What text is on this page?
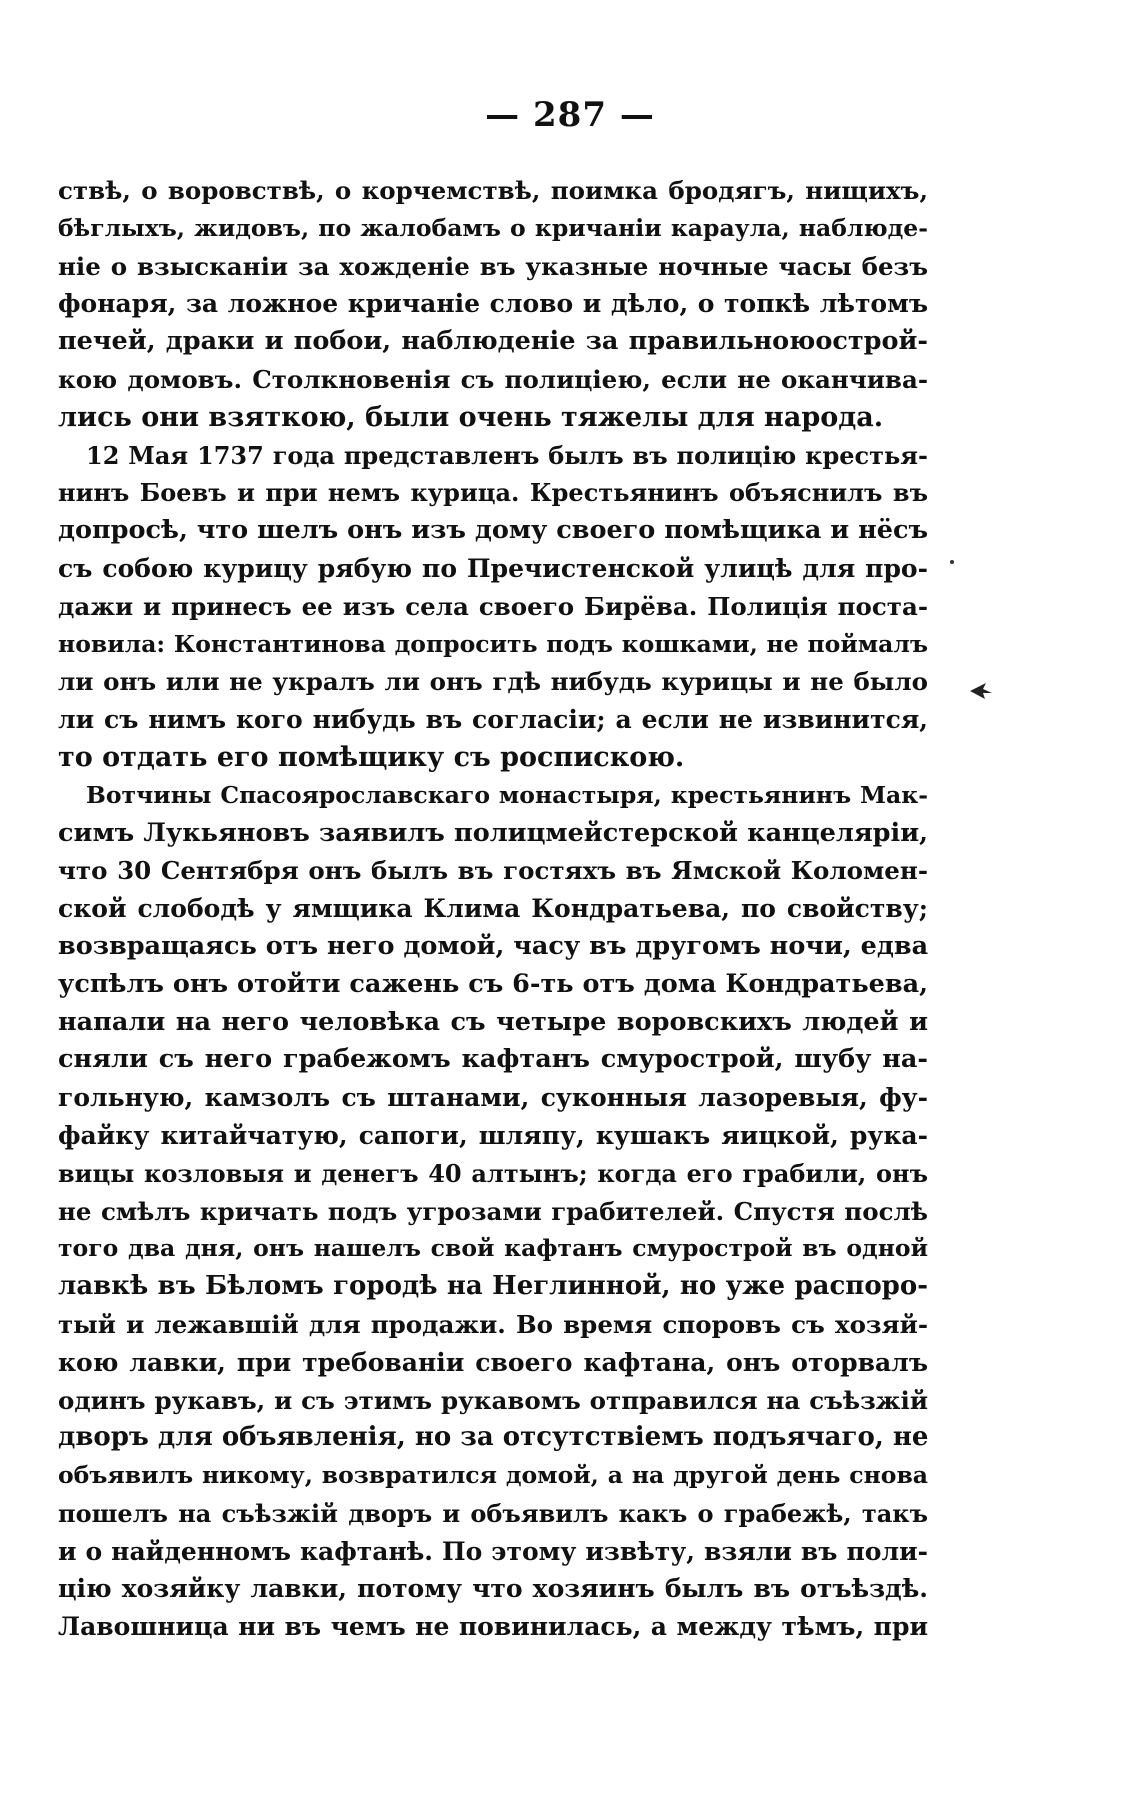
— 287 —
ствѣ, о воровствѣ, о корчемствѣ, поимка бродягъ, нищихъ,
бѣглыхъ, жидовъ, по жалобамъ о кричаніи караула, наблюде-
ніе о взысканіи за хожденіе въ указные ночные часы безъ
фонаря, за ложное кричаніе слово и дѣло, о топкѣ лѣтомъ
печей, драки и побои, наблюденіе за правильноюострой-
кою домовъ. Столкновенія съ полиціею, если не оканчива-
лись они взяткою, были очень тяжелы для народа.
12 Мая 1737 года представленъ былъ въ полицію крестья-
нинъ Боевъ и при немъ курица. Крестьянинъ объяснилъ въ
допросѣ, что шелъ онъ изъ дому своего помѣщика и нёсъ
съ собою курицу рябую по Пречистенской улицѣ для про-
дажи и принесъ ее изъ села своего Бирёва. Полиція поста-
новила: Константинова допросить подъ кошками, не поймалъ
ли онъ или не укралъ ли онъ гдѣ нибудь курицы и не было
ли съ нимъ кого нибудь въ согласіи; а если не извинится,
то отдать его помѣщику съ роспискою.
Вотчины Спасоярославскаго монастыря, крестьянинъ Мак-
симъ Лукьяновъ заявилъ полицмейстерской канцеляріи,
что 30 Сентября онъ былъ въ гостяхъ въ Ямской Коломен-
ской слободѣ у ямщика Клима Кондратьева, по свойству;
возвращаясь отъ него домой, часу въ другомъ ночи, едва
успѣлъ онъ отойти сажень съ 6-ть отъ дома Кондратьева,
напали на него человѣка съ четыре воровскихъ людей и
сняли съ него грабежомъ кафтанъ смурострой, шубу на-
гольную, камзолъ съ штанами, суконныя лазоревыя, фу-
файку китайчатую, сапоги, шляпу, кушакъ яицкой, рука-
вицы козловыя и денегъ 40 алтынъ; когда его грабили, онъ
не смѣлъ кричать подъ угрозами грабителей. Спустя послѣ
того два дня, онъ нашелъ свой кафтанъ смурострой въ одной
лавкѣ въ Бѣломъ городѣ на Неглинной, но уже распоро-
тый и лежавшій для продажи. Во время споровъ съ хозяй-
кою лавки, при требованіи своего кафтана, онъ оторвалъ
одинъ рукавъ, и съ этимъ рукавомъ отправился на съѣзжій
дворъ для объявленія, но за отсутствіемъ подъячаго, не
объявилъ никому, возвратился домой, а на другой день снова
пошелъ на съѣзжій дворъ и объявилъ какъ о грабежѣ, такъ
и о найденномъ кафтанѣ. По этому извѣту, взяли въ поли-
цію хозяйку лавки, потому что хозяинъ былъ въ отъѣздѣ.
Лавошница ни въ чемъ не повинилась, а между тѣмъ, при
